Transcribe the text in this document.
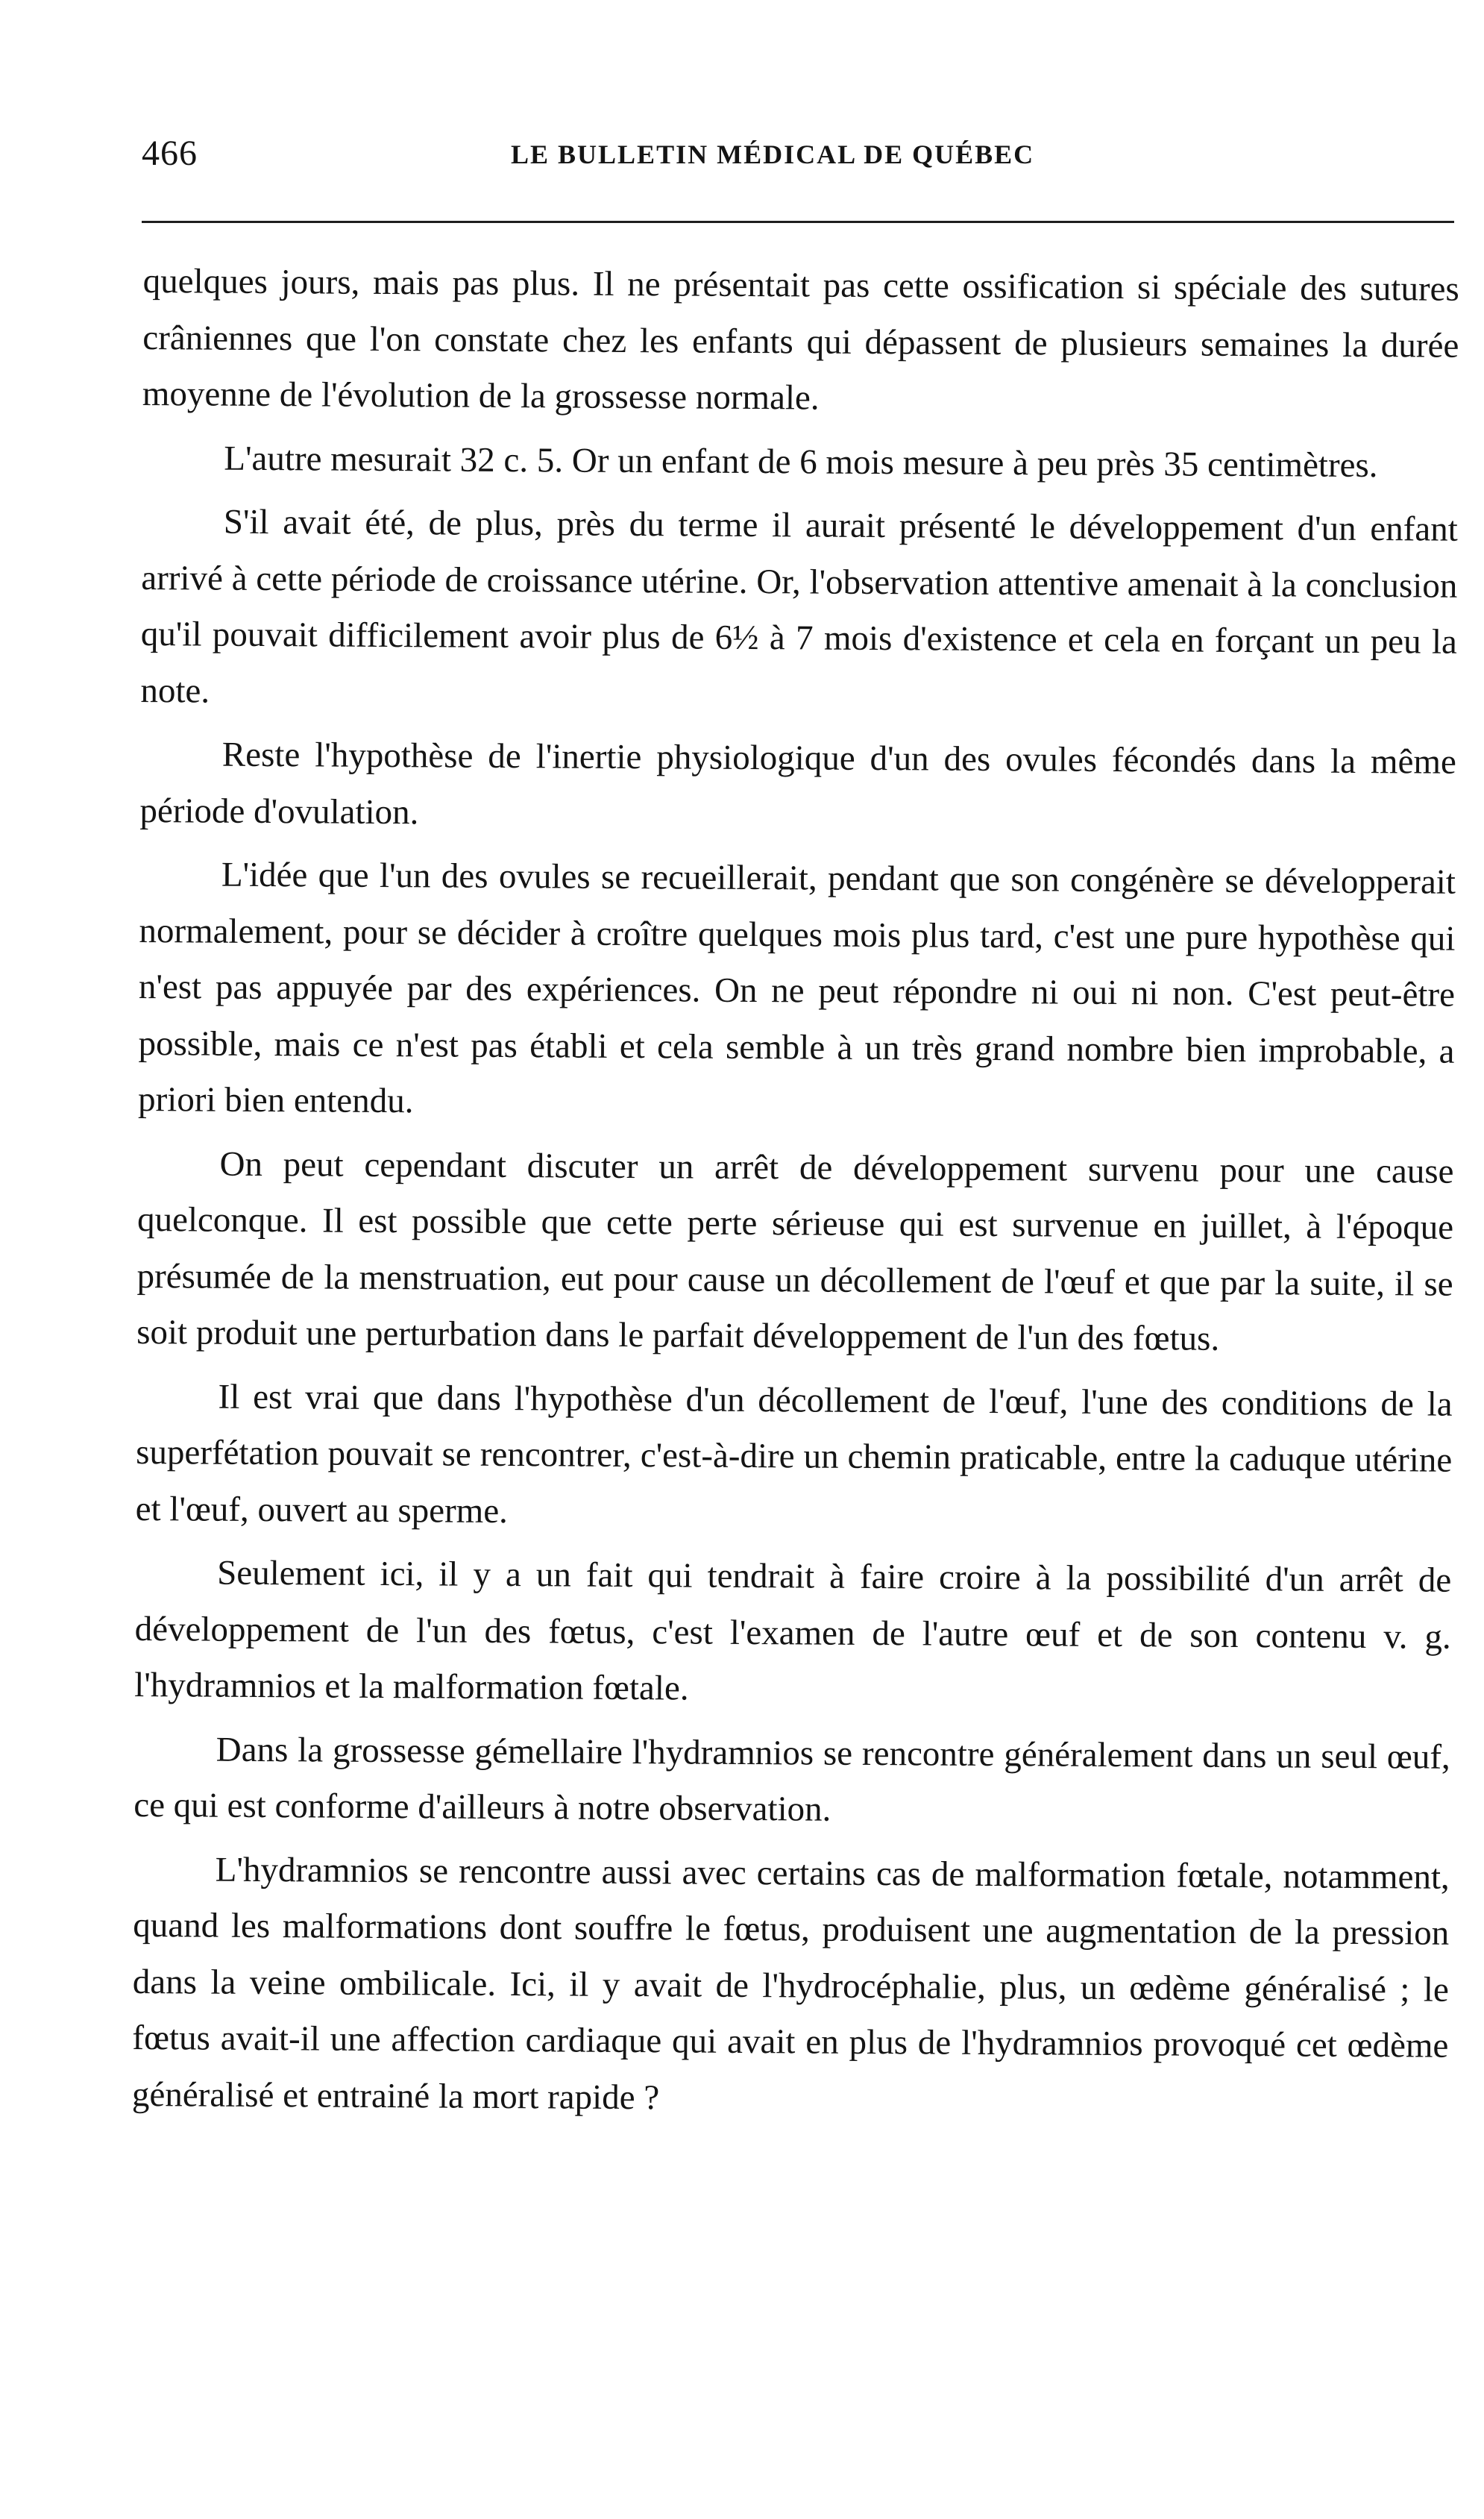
466	LE BULLETIN MÉDICAL DE QUÉBEC

quelques jours, mais pas plus. Il ne présentait pas cette ossification si spéciale des sutures crâniennes que l'on constate chez les enfants qui dépassent de plusieurs semaines la durée moyenne de l'évolution de la grossesse normale.

L'autre mesurait 32 c. 5. Or un enfant de 6 mois mesure à peu près 35 centimètres.

S'il avait été, de plus, près du terme il aurait présenté le développement d'un enfant arrivé à cette période de croissance utérine. Or, l'observation attentive amenait à la conclusion qu'il pouvait difficilement avoir plus de 6½ à 7 mois d'existence et cela en forçant un peu la note.

Reste l'hypothèse de l'inertie physiologique d'un des ovules fécondés dans la même période d'ovulation.

L'idée que l'un des ovules se recueillerait, pendant que son congénère se développerait normalement, pour se décider à croître quelques mois plus tard, c'est une pure hypothèse qui n'est pas appuyée par des expériences. On ne peut répondre ni oui ni non. C'est peut-être possible, mais ce n'est pas établi et cela semble à un très grand nombre bien improbable, a priori bien entendu.

On peut cependant discuter un arrêt de développement survenu pour une cause quelconque. Il est possible que cette perte sérieuse qui est survenue en juillet, à l'époque présumée de la menstruation, eut pour cause un décollement de l'œuf et que par la suite, il se soit produit une perturbation dans le parfait développement de l'un des fœtus.

Il est vrai que dans l'hypothèse d'un décollement de l'œuf, l'une des conditions de la superfétation pouvait se rencontrer, c'est-à-dire un chemin praticable, entre la caduque utérine et l'œuf, ouvert au sperme.

Seulement ici, il y a un fait qui tendrait à faire croire à la possibilité d'un arrêt de développement de l'un des fœtus, c'est l'examen de l'autre œuf et de son contenu v. g. l'hydramnios et la malformation fœtale.

Dans la grossesse gémellaire l'hydramnios se rencontre généralement dans un seul œuf, ce qui est conforme d'ailleurs à notre observation.

L'hydramnios se rencontre aussi avec certains cas de malformation fœtale, notamment, quand les malformations dont souffre le fœtus, produisent une augmentation de la pression dans la veine ombilicale. Ici, il y avait de l'hydrocéphalie, plus, un œdème généralisé ; le fœtus avait-il une affection cardiaque qui avait en plus de l'hydramnios provoqué cet œdème généralisé et entrainé la mort rapide ?
